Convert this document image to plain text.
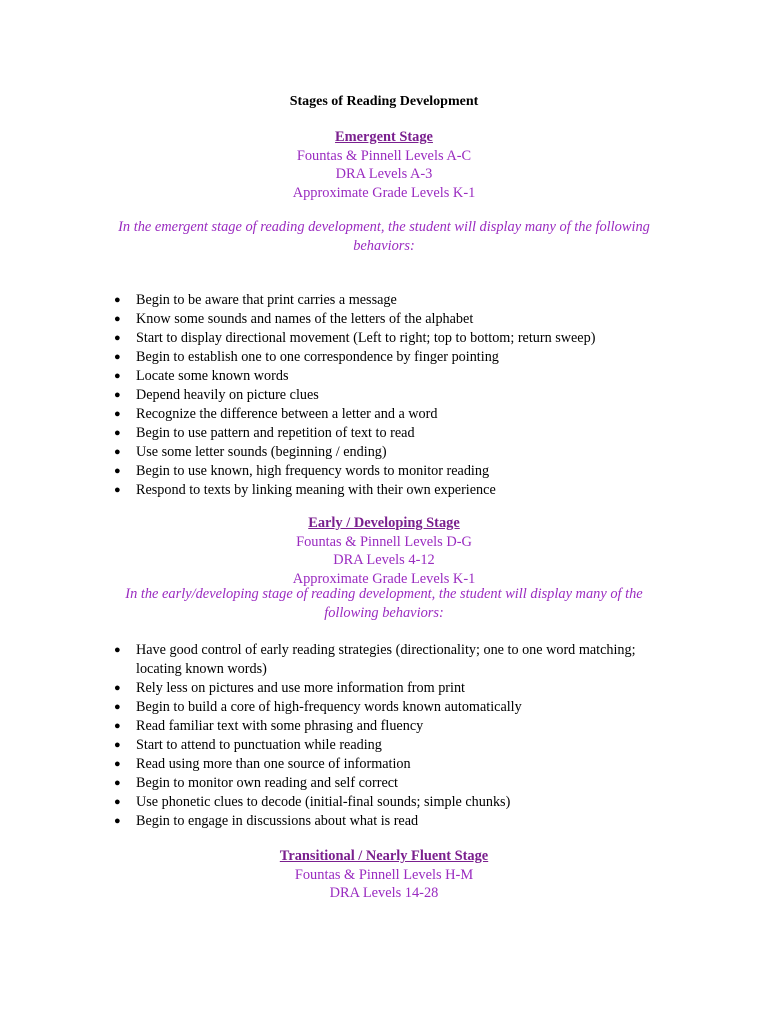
Stages of Reading Development
Emergent Stage
Fountas & Pinnell Levels A-C
DRA Levels A-3
Approximate Grade Levels K-1
In the emergent stage of reading development, the student will display many of the following behaviors:
● Begin to be aware that print carries a message
● Know some sounds and names of the letters of the alphabet
● Start to display directional movement (Left to right; top to bottom; return sweep)
● Begin to establish one to one correspondence by finger pointing
● Locate some known words
● Depend heavily on picture clues
● Recognize the difference between a letter and a word
● Begin to use pattern and repetition of text to read
● Use some letter sounds (beginning / ending)
● Begin to use known, high frequency words to monitor reading
● Respond to texts by linking meaning with their own experience
Early / Developing Stage
Fountas & Pinnell Levels D-G
DRA Levels 4-12
Approximate Grade Levels K-1
In the early/developing stage of reading development, the student will display many of the following behaviors:
● Have good control of early reading strategies (directionality; one to one word matching; locating known words)
● Rely less on pictures and use more information from print
● Begin to build a core of high-frequency words known automatically
● Read familiar text with some phrasing and fluency
● Start to attend to punctuation while reading
● Read using more than one source of information
● Begin to monitor own reading and self correct
● Use phonetic clues to decode (initial-final sounds; simple chunks)
● Begin to engage in discussions about what is read
Transitional / Nearly Fluent Stage
Fountas & Pinnell Levels H-M
DRA Levels 14-28
